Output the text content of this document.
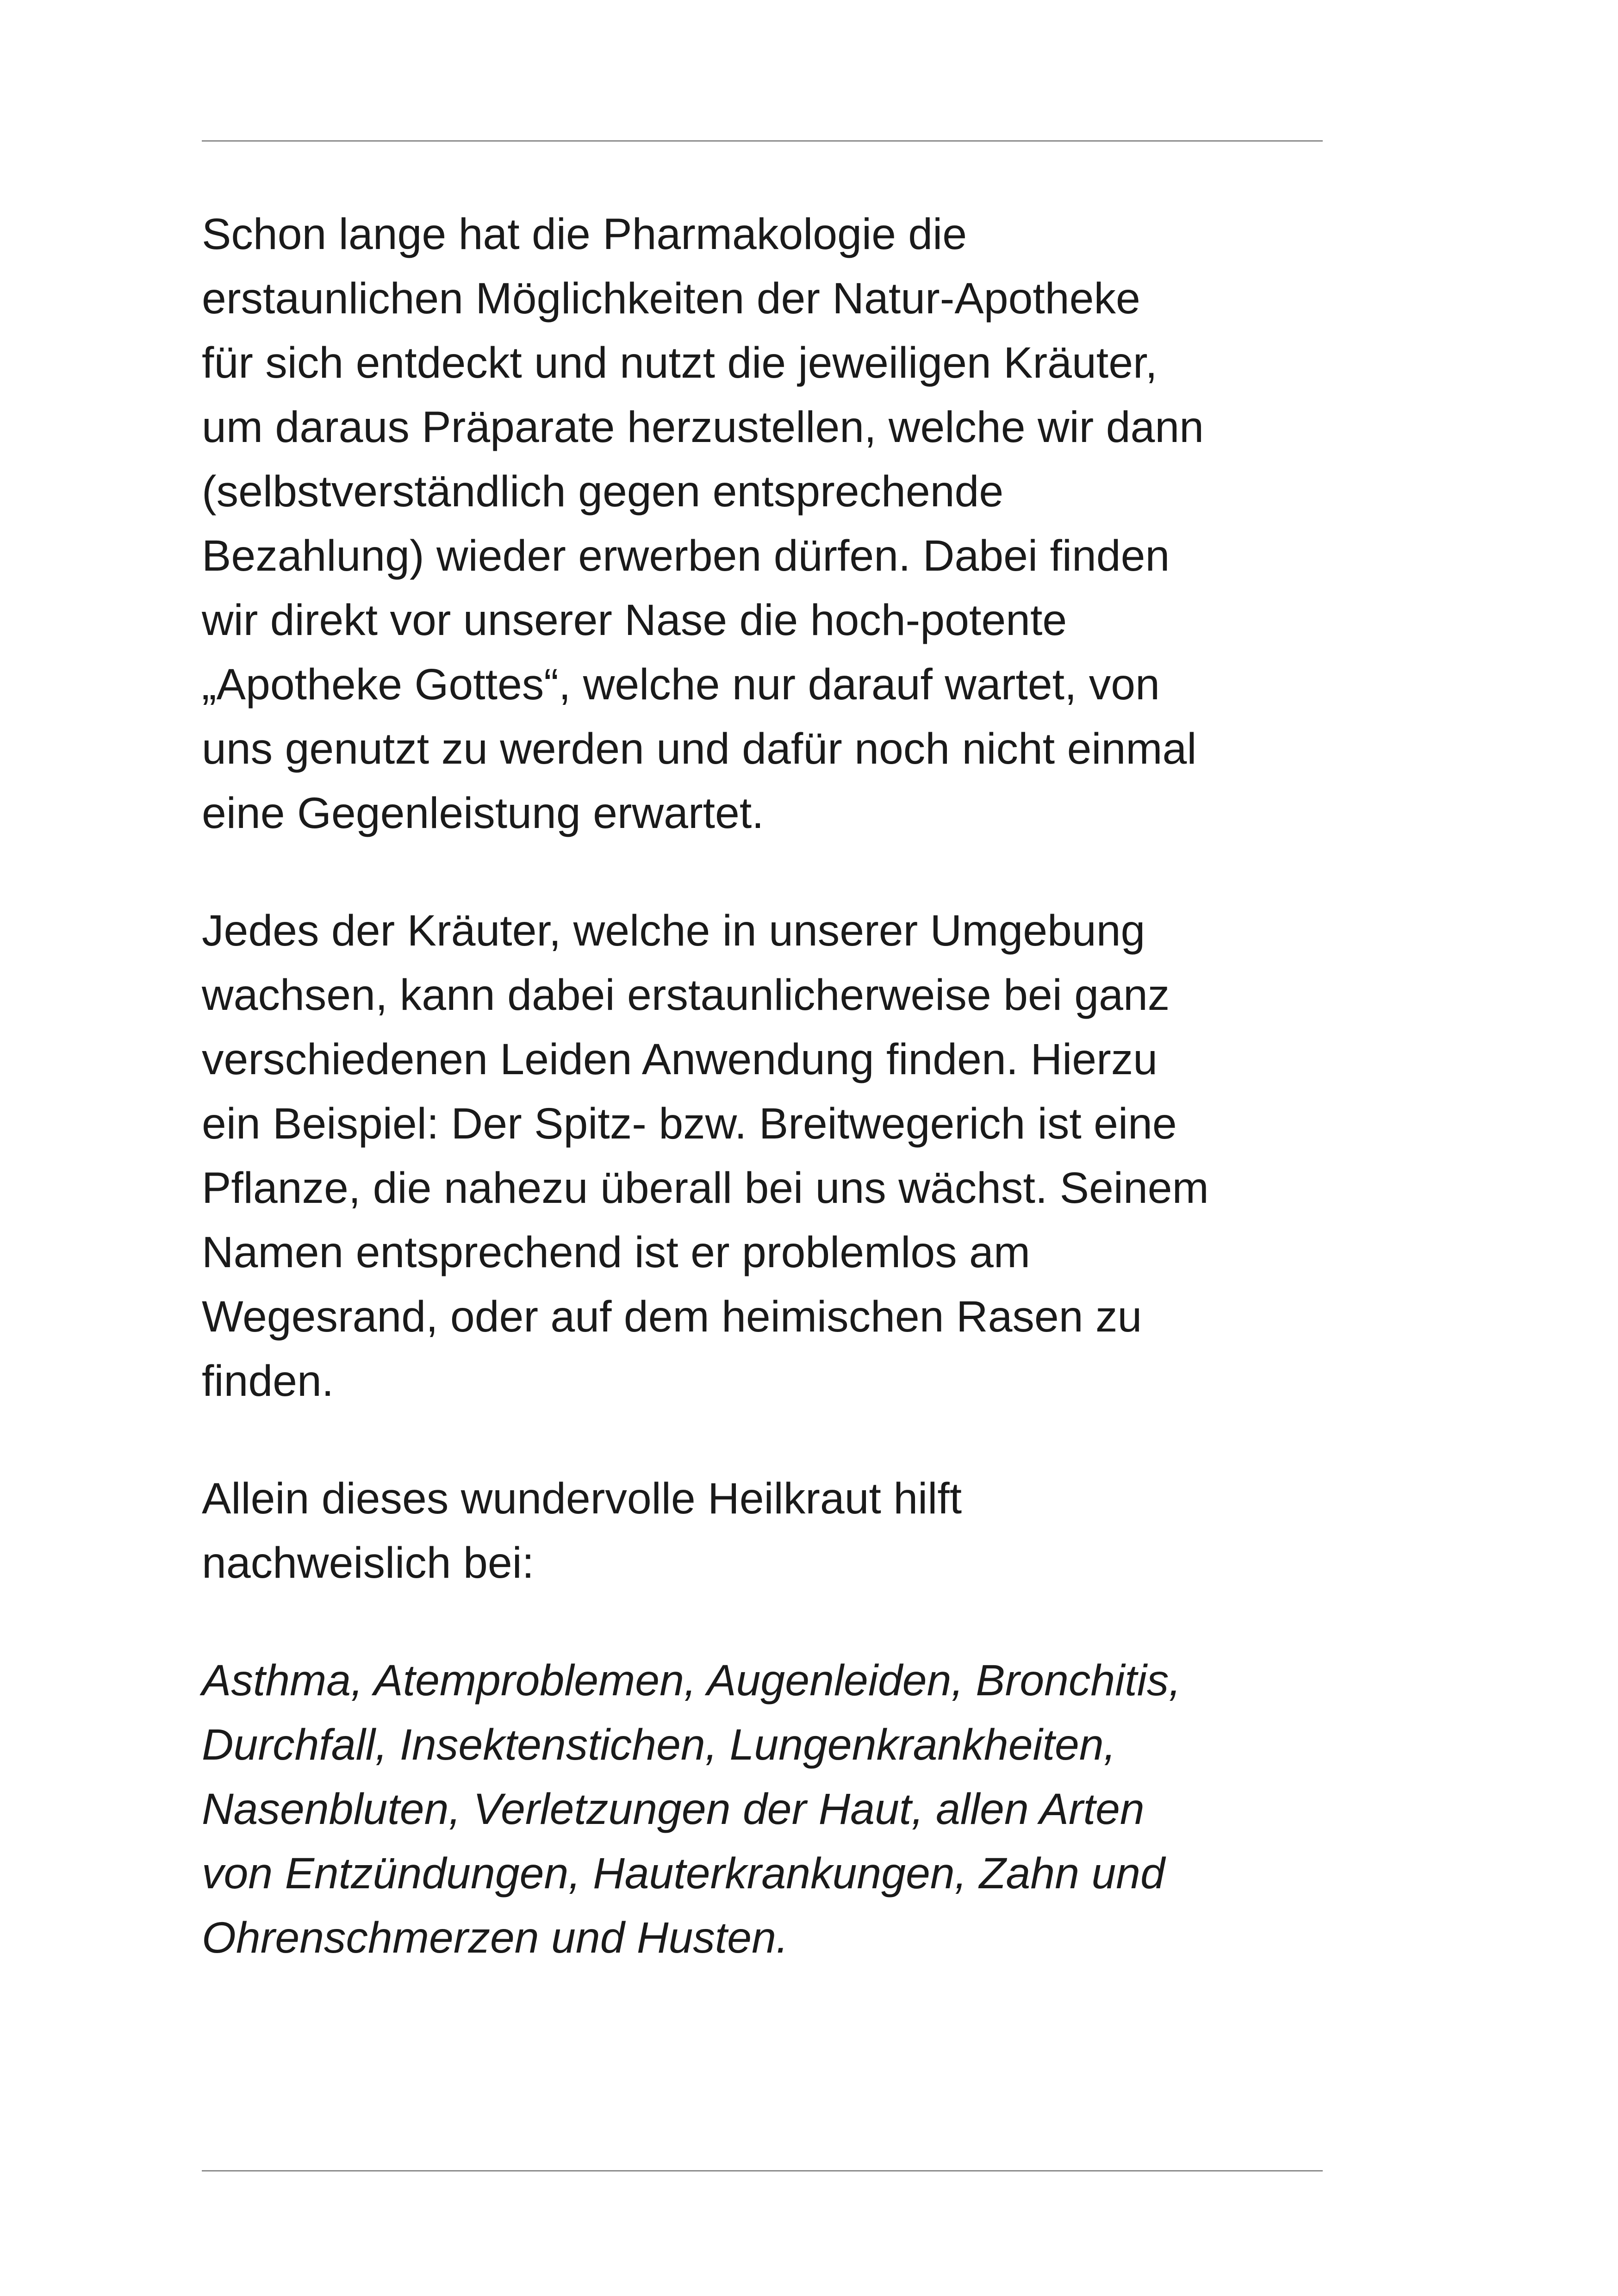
Schon lange hat die Pharmakologie die
erstaunlichen Möglichkeiten der Natur-Apotheke
für sich entdeckt und nutzt die jeweiligen Kräuter,
um daraus Präparate herzustellen, welche wir dann
(selbstverständlich gegen entsprechende
Bezahlung) wieder erwerben dürfen. Dabei finden
wir direkt vor unserer Nase die hoch-potente
„Apotheke Gottes“, welche nur darauf wartet, von
uns genutzt zu werden und dafür noch nicht einmal
eine Gegenleistung erwartet.

Jedes der Kräuter, welche in unserer Umgebung
wachsen, kann dabei erstaunlicherweise bei ganz
verschiedenen Leiden Anwendung finden. Hierzu
ein Beispiel: Der Spitz- bzw. Breitwegerich ist eine
Pflanze, die nahezu überall bei uns wächst. Seinem
Namen entsprechend ist er problemlos am
Wegesrand, oder auf dem heimischen Rasen zu
finden.

Allein dieses wundervolle Heilkraut hilft
nachweislich bei:

Asthma, Atemproblemen, Augenleiden, Bronchitis,
Durchfall, Insektenstichen, Lungenkrankheiten,
Nasenbluten, Verletzungen der Haut, allen Arten
von Entzündungen, Hauterkrankungen, Zahn und
Ohrenschmerzen und Husten.
